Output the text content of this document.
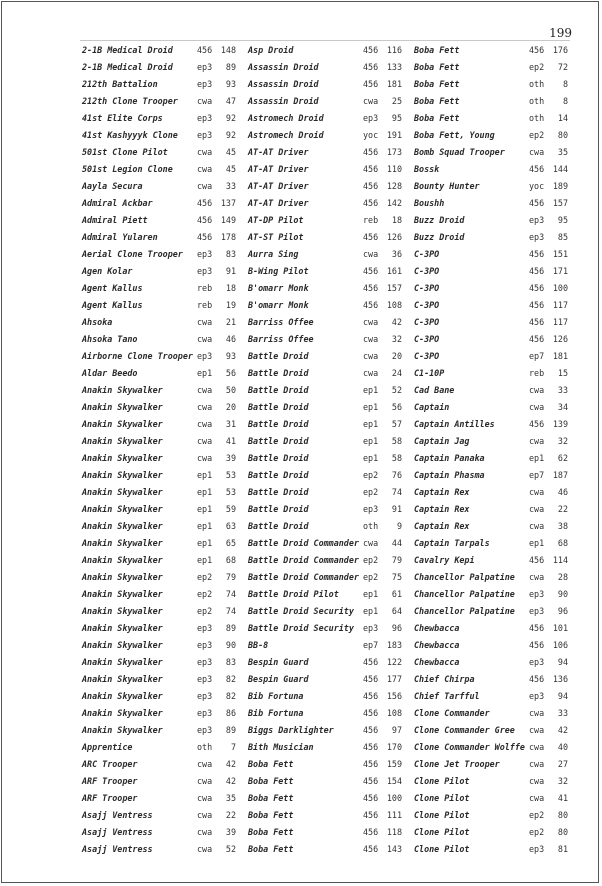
199
2-1B Medical Droid	456	148
2-1B Medical Droid	ep3	89
212th Battalion	ep3	93
212th Clone Trooper cwa	47
41st Elite Corps	ep3	92
41st Kashyyyk Clone ep3	92
501st Clone Pilot	cwa	45
501st Legion Clone	cwa	45
Aayla Secura	cwa	33
Admiral Ackbar	456	137
Admiral Piett	456	149
Admiral Yularen	456	178
Aerial Clone Trooper ep3	83
Agen Kolar	ep3	91
Agent Kallus	reb	18
Agent Kallus	reb	19
Ahsoka	cwa	21
Ahsoka Tano	cwa	46
Airborne Clone Trooper ep3	93
Aldar Beedo	ep1	56
Anakin Skywalker	cwa	50
Anakin Skywalker	cwa	20
Anakin Skywalker	cwa	31
Anakin Skywalker	cwa	41
Anakin Skywalker	cwa	39
Anakin Skywalker	ep1	53
Anakin Skywalker	ep1	53
Anakin Skywalker	ep1	59
Anakin Skywalker	ep1	63
Anakin Skywalker	ep1	65
Anakin Skywalker	ep1	68
Anakin Skywalker	ep2	79
Anakin Skywalker	ep2	74
Anakin Skywalker	ep2	74
Anakin Skywalker	ep3	89
Anakin Skywalker	ep3	90
Anakin Skywalker	ep3	83
Anakin Skywalker	ep3	82
Anakin Skywalker	ep3	82
Anakin Skywalker	ep3	86
Anakin Skywalker	ep3	89
Apprentice	oth	7
ARC Trooper	cwa	42
ARF Trooper	cwa	42
ARF Trooper	cwa	35
Asajj Ventress	cwa	22
Asajj Ventress	cwa	39
Asajj Ventress	cwa	52
Asp Droid	456	116
Assassin Droid	456	133
Assassin Droid	456	181
Assassin Droid	cwa	25
Astromech Droid	ep3	95
Astromech Droid	yoc	191
AT-AT Driver	456	173
AT-AT Driver	456	110
AT-AT Driver	456	128
AT-AT Driver	456	142
AT-DP Pilot	reb	18
AT-ST Pilot	456	126
Aurra Sing	cwa	36
B-Wing Pilot	456	161
B'omarr Monk	456	157
B'omarr Monk	456	108
Barriss Offee	cwa	42
Barriss Offee	cwa	32
Battle Droid	cwa	20
Battle Droid	cwa	24
Battle Droid	ep1	52
Battle Droid	ep1	56
Battle Droid	ep1	57
Battle Droid	ep1	58
Battle Droid	ep1	58
Battle Droid	ep2	76
Battle Droid	ep2	74
Battle Droid	ep3	91
Battle Droid	oth	9
Battle Droid Commander cwa	44
Battle Droid Commander ep2	79
Battle Droid Commander ep2	75
Battle Droid Pilot	ep1	61
Battle Droid Security ep1	64
Battle Droid Security ep3	96
BB-8	ep7	183
Bespin Guard	456	122
Bespin Guard	456	177
Bib Fortuna	456	156
Bib Fortuna	456	108
Biggs Darklighter	456	97
Bith Musician	456	170
Boba Fett	456	159
Boba Fett	456	154
Boba Fett	456	100
Boba Fett	456	111
Boba Fett	456	118
Boba Fett	456	143
Boba Fett	456	176
Boba Fett	ep2	72
Boba Fett	oth	8
Boba Fett	oth	8
Boba Fett	oth	14
Boba Fett, Young	ep2	80
Bomb Squad Trooper	cwa	35
Bossk	456	144
Bounty Hunter	yoc	189
Boushh	456	157
Buzz Droid	ep3	95
Buzz Droid	ep3	85
C-3PO	456	151
C-3PO	456	171
C-3PO	456	100
C-3PO	456	117
C-3PO	456	117
C-3PO	456	126
C-3PO	ep7	181
C1-10P	reb	15
Cad Bane	cwa	33
Captain	cwa	34
Captain Antilles	456	139
Captain Jag	cwa	32
Captain Panaka	ep1	62
Captain Phasma	ep7	187
Captain Rex	cwa	46
Captain Rex	cwa	22
Captain Rex	cwa	38
Captain Tarpals	ep1	68
Cavalry Kepi	456	114
Chancellor Palpatine cwa	28
Chancellor Palpatine ep3	90
Chancellor Palpatine ep3	96
Chewbacca	456	101
Chewbacca	456	106
Chewbacca	ep3	94
Chief Chirpa	456	136
Chief Tarfful	ep3	94
Clone Commander	cwa	33
Clone Commander Gree cwa	42
Clone Commander Wolffe cwa	40
Clone Jet Trooper	cwa	27
Clone Pilot	cwa	32
Clone Pilot	cwa	41
Clone Pilot	ep2	80
Clone Pilot	ep2	80
Clone Pilot	ep3	81
